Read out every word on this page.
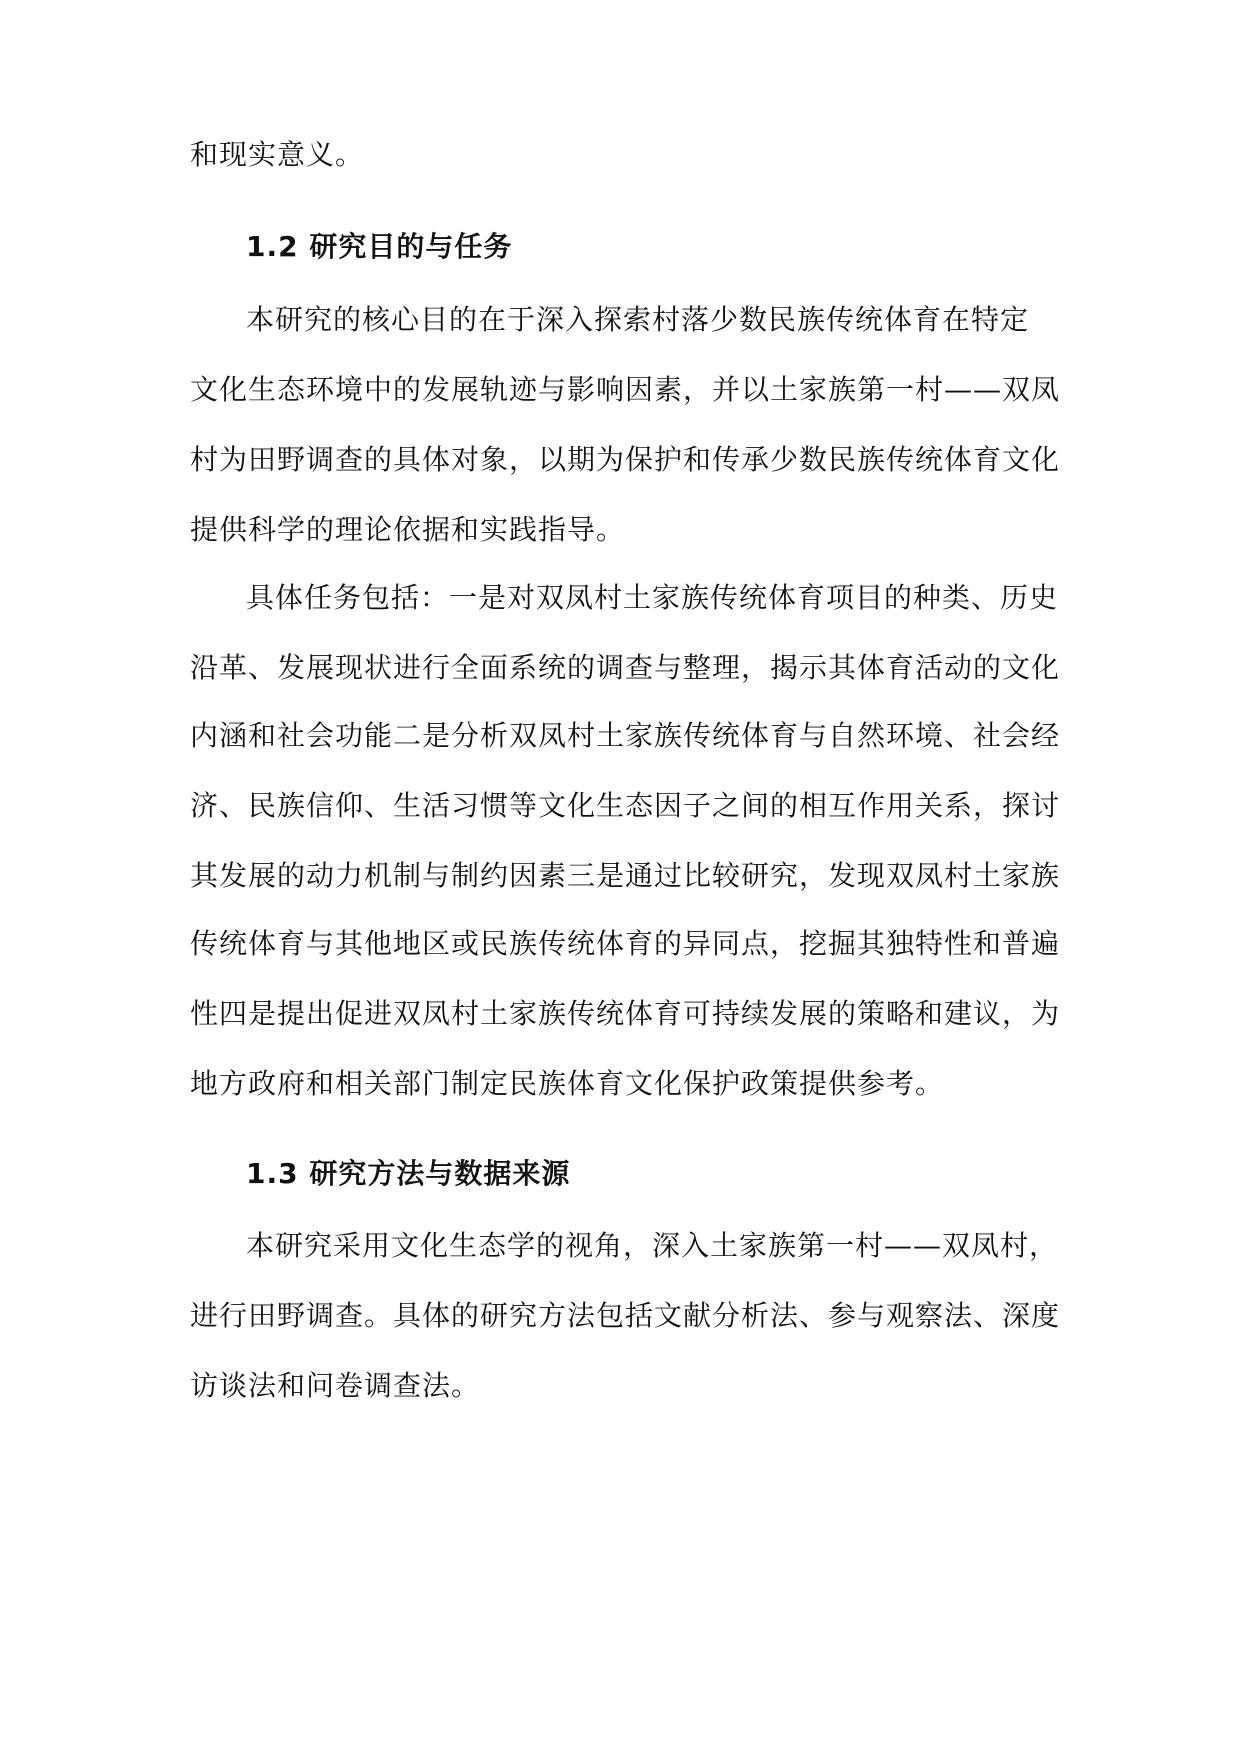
和现实意义。
1.2 研究目的与任务
本研究的核心目的在于深入探索村落少数民族传统体育在特定
文化生态环境中的发展轨迹与影响因素，并以土家族第一村——双凤
村为田野调查的具体对象，以期为保护和传承少数民族传统体育文化
提供科学的理论依据和实践指导。
具体任务包括：一是对双凤村土家族传统体育项目的种类、历史
沿革、发展现状进行全面系统的调查与整理，揭示其体育活动的文化
内涵和社会功能二是分析双凤村土家族传统体育与自然环境、社会经
济、民族信仰、生活习惯等文化生态因子之间的相互作用关系，探讨
其发展的动力机制与制约因素三是通过比较研究，发现双凤村土家族
传统体育与其他地区或民族传统体育的异同点，挖掘其独特性和普遍
性四是提出促进双凤村土家族传统体育可持续发展的策略和建议，为
地方政府和相关部门制定民族体育文化保护政策提供参考。
1.3 研究方法与数据来源
本研究采用文化生态学的视角，深入土家族第一村——双凤村，
进行田野调查。具体的研究方法包括文献分析法、参与观察法、深度
访谈法和问卷调查法。
